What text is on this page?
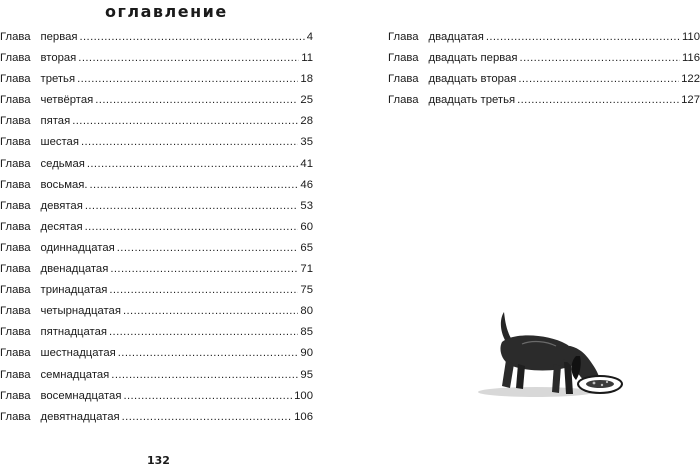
оглавление
Глава первая .....	4
Глава вторая .....	11
Глава третья .....	18
Глава четвёртая .....	25
Глава пятая .....	28
Глава шестая .....	35
Глава седьмая .....	41
Глава восьмая. .....	46
Глава девятая .....	53
Глава десятая .....	60
Глава одиннадцатая .....	65
Глава двенадцатая .....	71
Глава тринадцатая .....	75
Глава четырнадцатая .....	80
Глава пятнадцатая .....	85
Глава шестнадцатая .....	90
Глава семнадцатая .....	95
Глава восемнадцатая .....	100
Глава девятнадцатая .....	106
Глава двадцатая .....	110
Глава двадцать первая .....	116
Глава двадцать вторая .....	122
Глава двадцать третья .....	127
132
